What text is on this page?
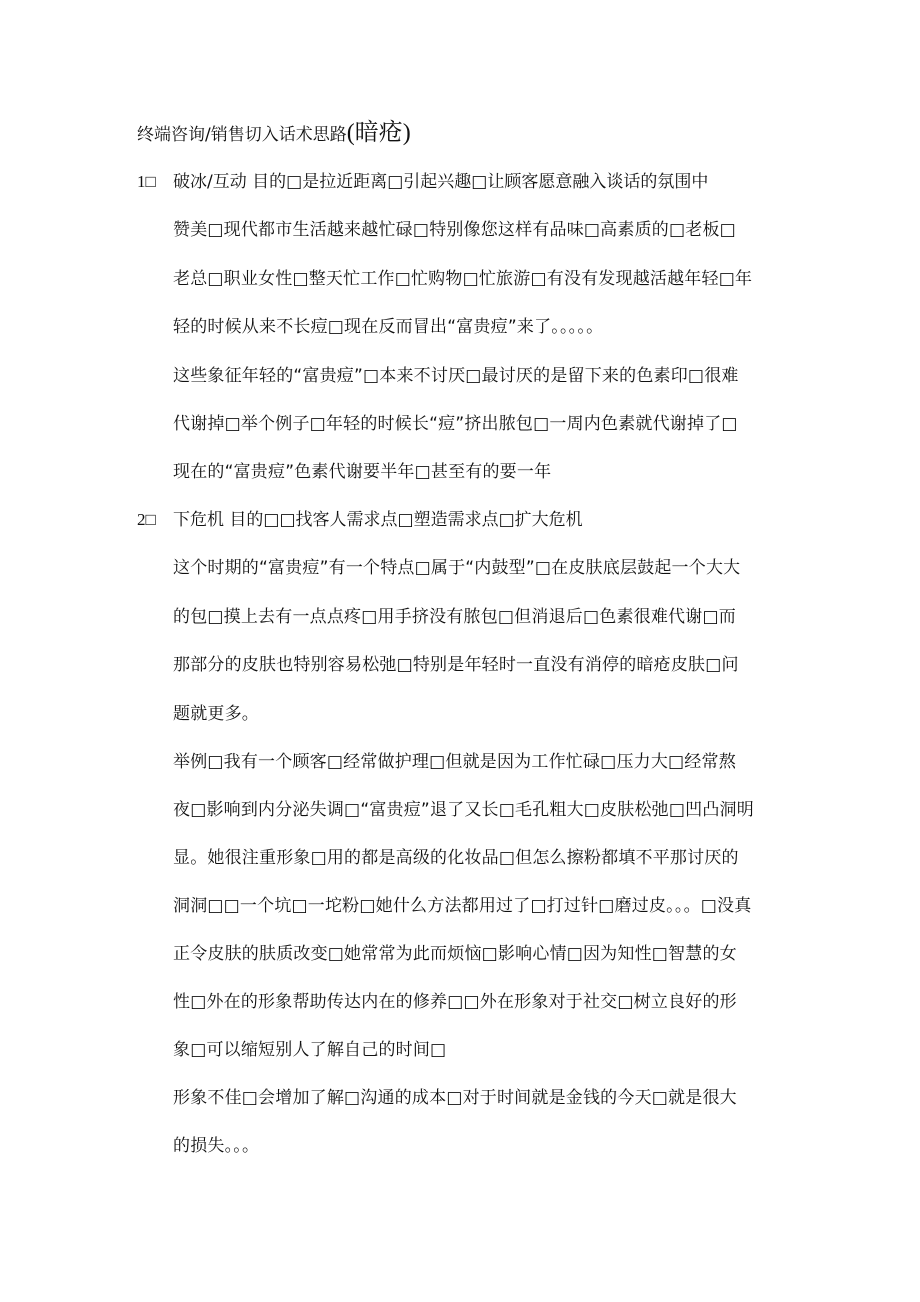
终端咨询/销售切入话术思路(暗疮)
1□ 破冰/互动 目的□是拉近距离□引起兴趣□让顾客愿意融入谈话的氛围中
赞美□现代都市生活越来越忙碌□特别像您这样有品味□高素质的□老板□
老总□职业女性□整天忙工作□忙购物□忙旅游□有没有发现越活越年轻□年
轻的时候从来不长痘□现在反而冒出“富贵痘”来了。。。。。
这些象征年轻的“富贵痘”□本来不讨厌□最讨厌的是留下来的色素印□很难
代谢掉□举个例子□年轻的时候长“痘”挤出脓包□一周内色素就代谢掉了□
现在的“富贵痘”色素代谢要半年□甚至有的要一年
2□ 下危机 目的□□找客人需求点□塑造需求点□扩大危机
这个时期的“富贵痘”有一个特点□属于“内鼓型”□在皮肤底层鼓起一个大大
的包□摸上去有一点点疼□用手挤没有脓包□但消退后□色素很难代谢□而
那部分的皮肤也特别容易松弛□特别是年轻时一直没有消停的暗疮皮肤□问
题就更多。
举例□我有一个顾客□经常做护理□但就是因为工作忙碌□压力大□经常熬
夜□影响到内分泌失调□“富贵痘”退了又长□毛孔粗大□皮肤松弛□凹凸洞明
显。她很注重形象□用的都是高级的化妆品□但怎么擦粉都填不平那讨厌的
洞洞□□一个坑□一坨粉□她什么方法都用过了□打过针□磨过皮。。。□没真
正令皮肤的肤质改变□她常常为此而烦恼□影响心情□因为知性□智慧的女
性□外在的形象帮助传达内在的修养□□外在形象对于社交□树立良好的形
象□可以缩短别人了解自己的时间□
形象不佳□会增加了解□沟通的成本□对于时间就是金钱的今天□就是很大
的损失。。。
